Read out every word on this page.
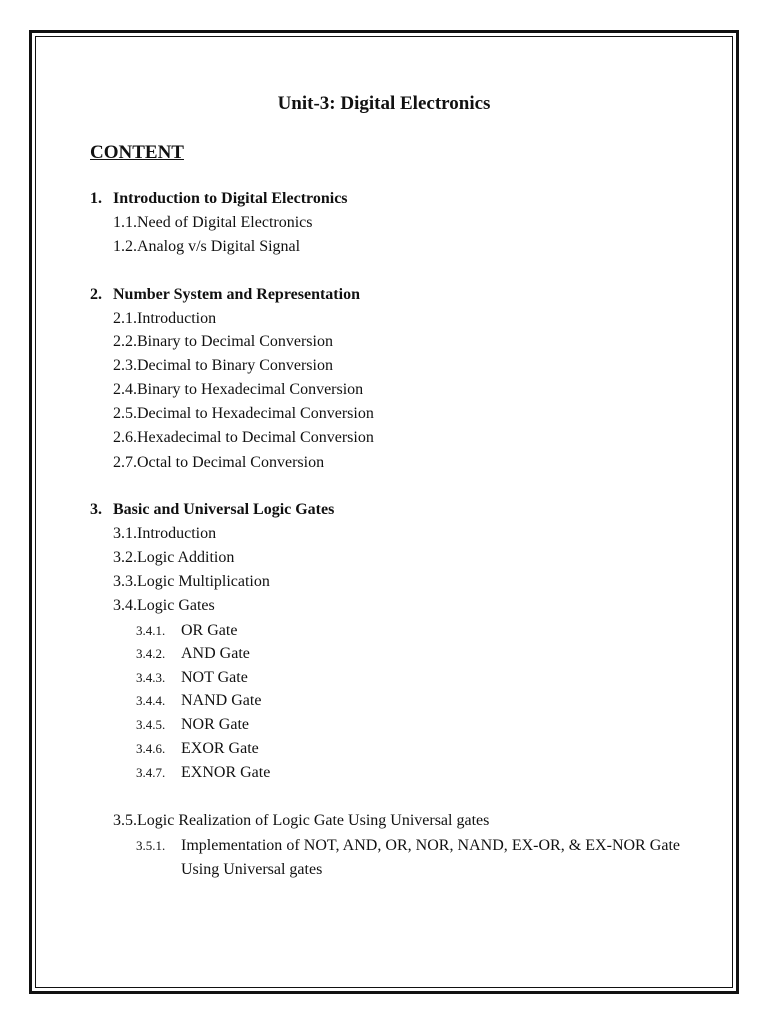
Unit-3: Digital Electronics
CONTENT
1. Introduction to Digital Electronics
1.1.Need of Digital Electronics
1.2.Analog v/s Digital Signal
2. Number System and Representation
2.1.Introduction
2.2.Binary to Decimal Conversion
2.3.Decimal to Binary Conversion
2.4.Binary to Hexadecimal Conversion
2.5.Decimal to Hexadecimal Conversion
2.6.Hexadecimal to Decimal Conversion
2.7.Octal to Decimal Conversion
3. Basic and Universal Logic Gates
3.1.Introduction
3.2.Logic Addition
3.3.Logic Multiplication
3.4.Logic Gates
3.4.1. OR Gate
3.4.2. AND Gate
3.4.3. NOT Gate
3.4.4. NAND Gate
3.4.5. NOR Gate
3.4.6. EXOR Gate
3.4.7. EXNOR Gate
3.5.Logic Realization of Logic Gate Using Universal gates
3.5.1. Implementation of NOT, AND, OR, NOR, NAND, EX-OR, & EX-NOR Gate Using Universal gates
